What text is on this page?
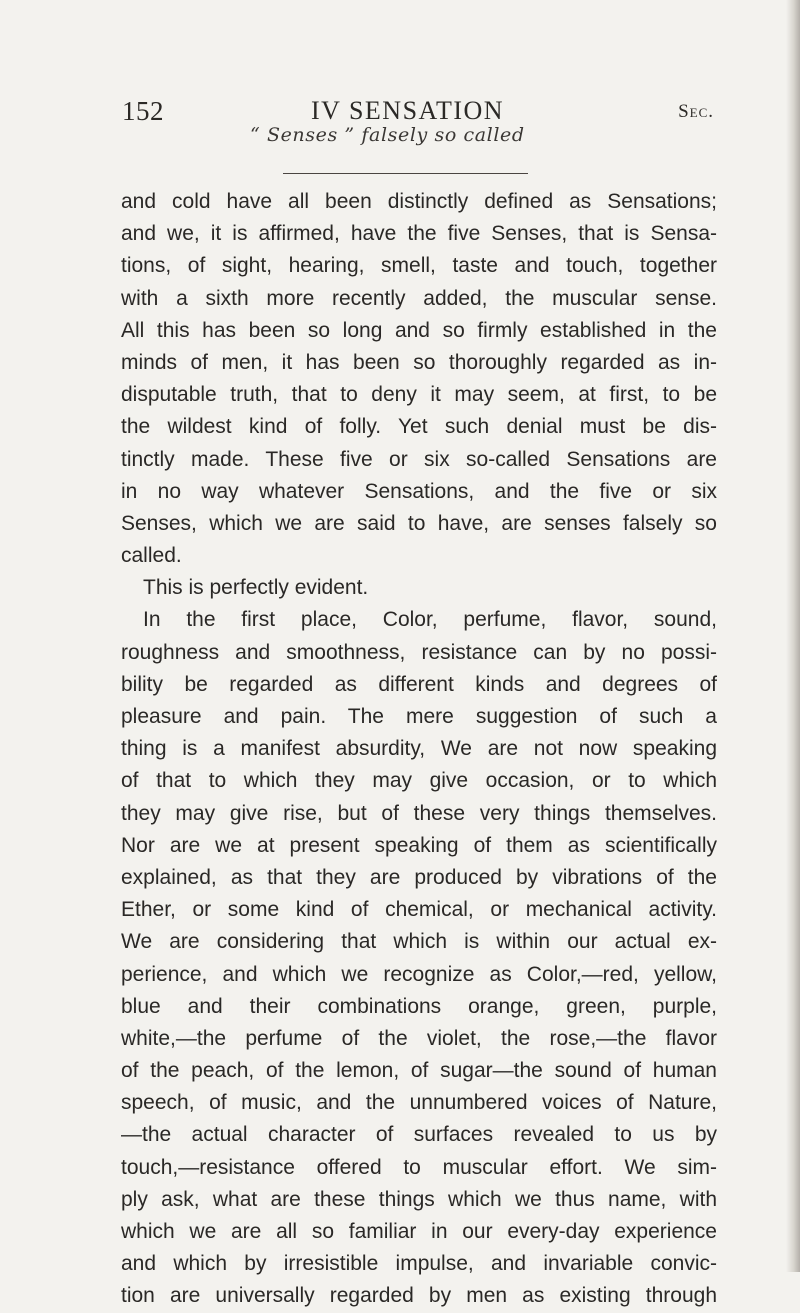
152	IV SENSATION	Sec.
“ Senses ” falsely so called
and cold have all been distinctly defined as Sensations;
and we, it is affirmed, have the five Senses, that is Sensa-
tions, of sight, hearing, smell, taste and touch, together
with a sixth more recently added, the muscular sense.
All this has been so long and so firmly established in the
minds of men, it has been so thoroughly regarded as in-
disputable truth, that to deny it may seem, at first, to be
the wildest kind of folly. Yet such denial must be dis-
tinctly made. These five or six so-called Sensations are
in no way whatever Sensations, and the five or six
Senses, which we are said to have, are senses falsely so
called.
This is perfectly evident.
In the first place, Color, perfume, flavor, sound,
roughness and smoothness, resistance can by no possi-
bility be regarded as different kinds and degrees of
pleasure and pain. The mere suggestion of such a
thing is a manifest absurdity, We are not now speaking
of that to which they may give occasion, or to which
they may give rise, but of these very things themselves.
Nor are we at present speaking of them as scientifically
explained, as that they are produced by vibrations of the
Ether, or some kind of chemical, or mechanical activity.
We are considering that which is within our actual ex-
perience, and which we recognize as Color,—red, yellow,
blue and their combinations orange, green, purple,
white,—the perfume of the violet, the rose,—the flavor
of the peach, of the lemon, of sugar—the sound of human
speech, of music, and the unnumbered voices of Nature,
—the actual character of surfaces revealed to us by
touch,—resistance offered to muscular effort. We sim-
ply ask, what are these things which we thus name, with
which we are all so familiar in our every-day experience
and which by irresistible impulse, and invariable convic-
tion are universally regarded by men as existing through
